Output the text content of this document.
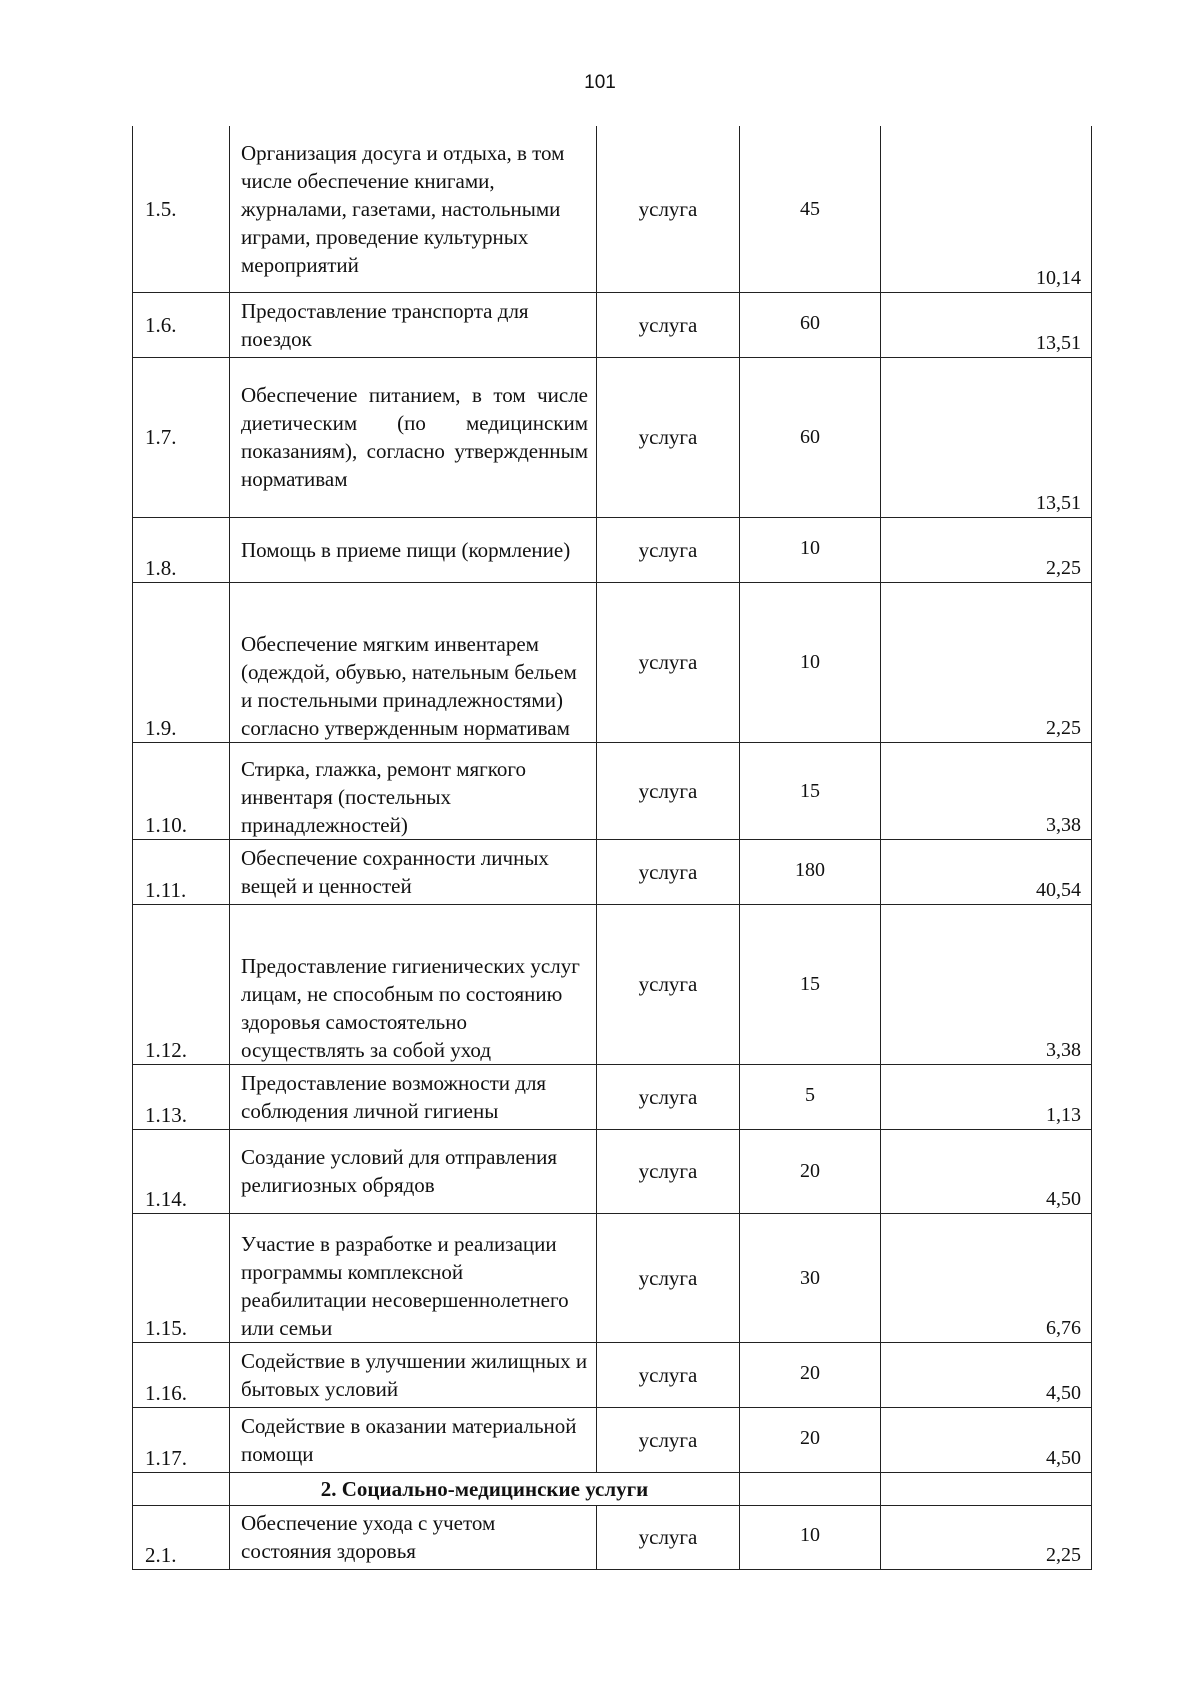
101
1.5.	Организация досуга и отдыха, в том числе обеспечение книгами, журналами, газетами, настольными играми, проведение культурных мероприятий	услуга	45	10,14
1.6.	Предоставление транспорта для поездок	услуга	60	13,51
1.7.	Обеспечение питанием, в том числе диетическим (по медицинским показаниям), согласно утвержденным нормативам	услуга	60	13,51
1.8.	Помощь в приеме пищи (кормление)	услуга	10	2,25
1.9.	Обеспечение мягким инвентарем (одеждой, обувью, нательным бельем и постельными принадлежностями) согласно утвержденным нормативам	услуга	10	2,25
1.10.	Стирка, глажка, ремонт мягкого инвентаря (постельных принадлежностей)	услуга	15	3,38
1.11.	Обеспечение сохранности личных вещей и ценностей	услуга	180	40,54
1.12.	Предоставление гигиенических услуг лицам, не способным по состоянию здоровья самостоятельно осуществлять за собой уход	услуга	15	3,38
1.13.	Предоставление возможности для соблюдения личной гигиены	услуга	5	1,13
1.14.	Создание условий для отправления религиозных обрядов	услуга	20	4,50
1.15.	Участие в разработке и реализации программы комплексной реабилитации несовершеннолетнего или семьи	услуга	30	6,76
1.16.	Содействие в улучшении жилищных и бытовых условий	услуга	20	4,50
1.17.	Содействие в оказании материальной помощи	услуга	20	4,50
	2. Социально-медицинские услуги			
2.1.	Обеспечение ухода с учетом состояния здоровья	услуга	10	2,25
